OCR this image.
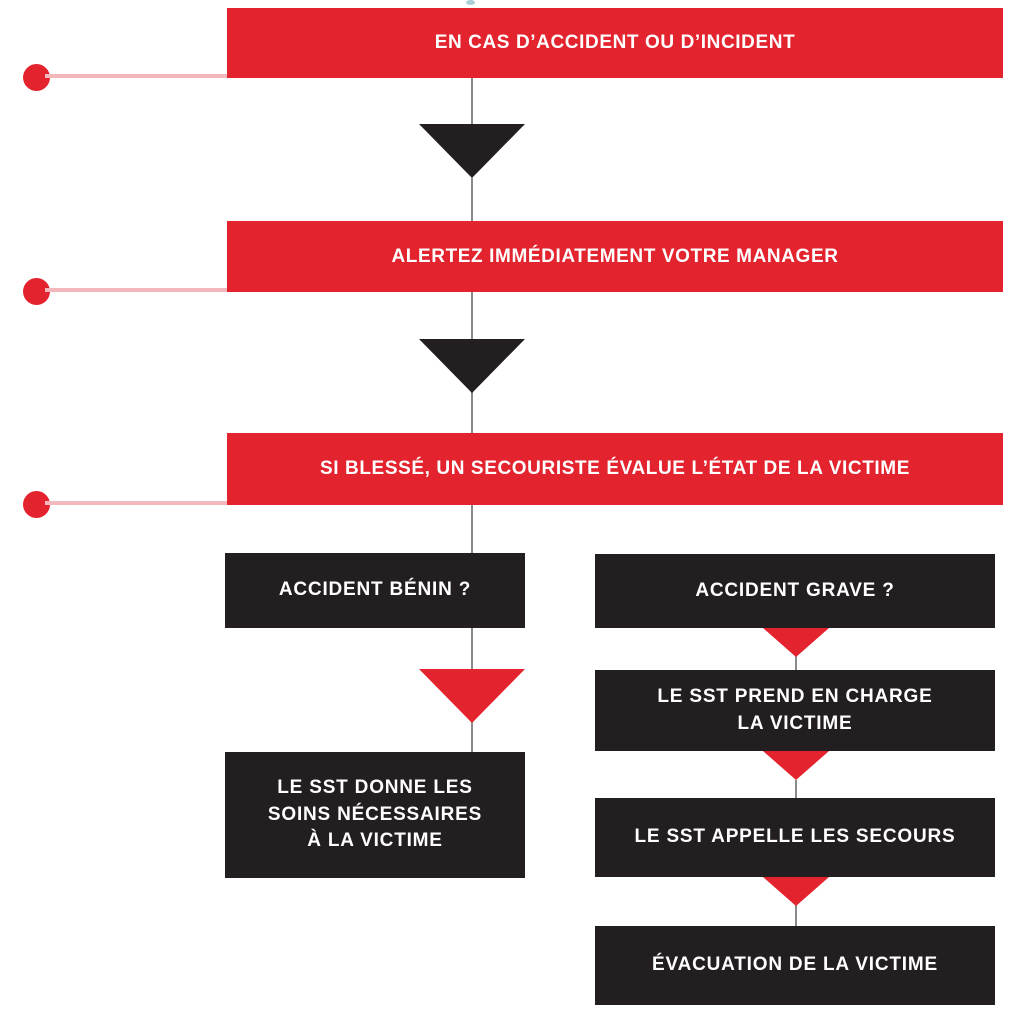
EN CAS D’ACCIDENT OU D’INCIDENT
ALERTEZ IMMÉDIATEMENT VOTRE MANAGER
SI BLESSÉ, UN SECOURISTE ÉVALUE L’ÉTAT DE LA VICTIME
ACCIDENT BÉNIN ?
LE SST DONNE LES
SOINS NÉCESSAIRES
À LA VICTIME
ACCIDENT GRAVE ?
LE SST PREND EN CHARGE
LA VICTIME
LE SST APPELLE LES SECOURS
ÉVACUATION DE LA VICTIME
